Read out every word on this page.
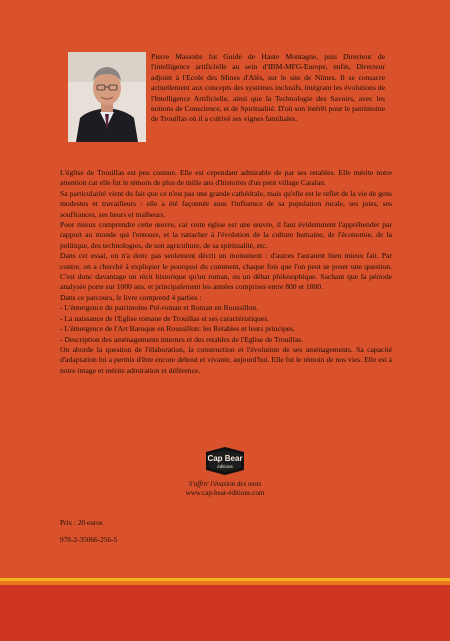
Pierre Massotte fut Guide de Haute Montagne, puis Directeur de l'intelligence artificielle au sein d'IBM-MFG-Europe, enfin, Directeur adjoint à l'Ecole des Mines d'Alès, sur le site de Nîmes. Il se consacre actuellement aux concepts des systèmes inclusifs, intégrant les évolutions de l'Intelligence Artificielle, ainsi que la Technologie des Savoirs, avec les notions de Conscience, et de Spiritualité. D'où son intérêt pour le patrimoine de Trouillas où il a cultivé ses vignes familiales.

L'église de Trouillas est peu connue. Elle est cependant admirable de par ses retables. Elle mérite notre attention car elle fut le témoin de plus de mille ans d'histoires d'un petit village Catalan.

Sa particularité vient du fait que ce n'est pas une grande cathédrale, mais qu'elle est le reflet de la vie de gens modestes et travailleurs : elle a été façonnée sous l'influence de sa population rurale, ses joies, ses souffrances, ses heurs et malheurs.

Pour mieux comprendre cette œuvre, car cette église est une œuvre, il faut évidemment l'appréhender par rapport au monde qui l'entoure, et la rattacher à l'évolution de la culture humaine, de l'économie, de la politique, des technologies, de son agriculture, de sa spiritualité, etc.

Dans cet essai, on n'a donc pas seulement décrit un monument : d'autres l'auraient bien mieux fait. Par contre, on a cherché à expliquer le pourquoi du comment, chaque fois que l'on peut se poser une question. C'est donc davantage un récit historique qu'un roman, ou un débat philosophique. Sachant que la période analysée porte sur 1000 ans, et principalement les années comprises entre 800 et 1800.

Dans ce parcours, le livre comprend 4 parties :

- L'émergence du patrimoine Pré-roman et Roman en Roussillon.
- La naissance de l'Eglise romane de Trouillas et ses caractéristiques.
- L'émergence de l'Art Baroque en Roussillon: les Retables et leurs principes.
- Description des aménagements internes et des retables de l'Eglise de Trouillas.

On aborde la question de l'élaboration, la construction et l'évolution de ses aménagements. Sa capacité d'adaptation lui a permis d'être encore debout et vivante, aujourd'hui. Elle fut le témoin de nos vies. Elle est à notre image et mérite admiration et déférence.

Cap Bear
éditions
S'offrir l'évasion des mots
www.cap-bear-éditions.com
Prix : 20 euros
978-2-35066-256-5
